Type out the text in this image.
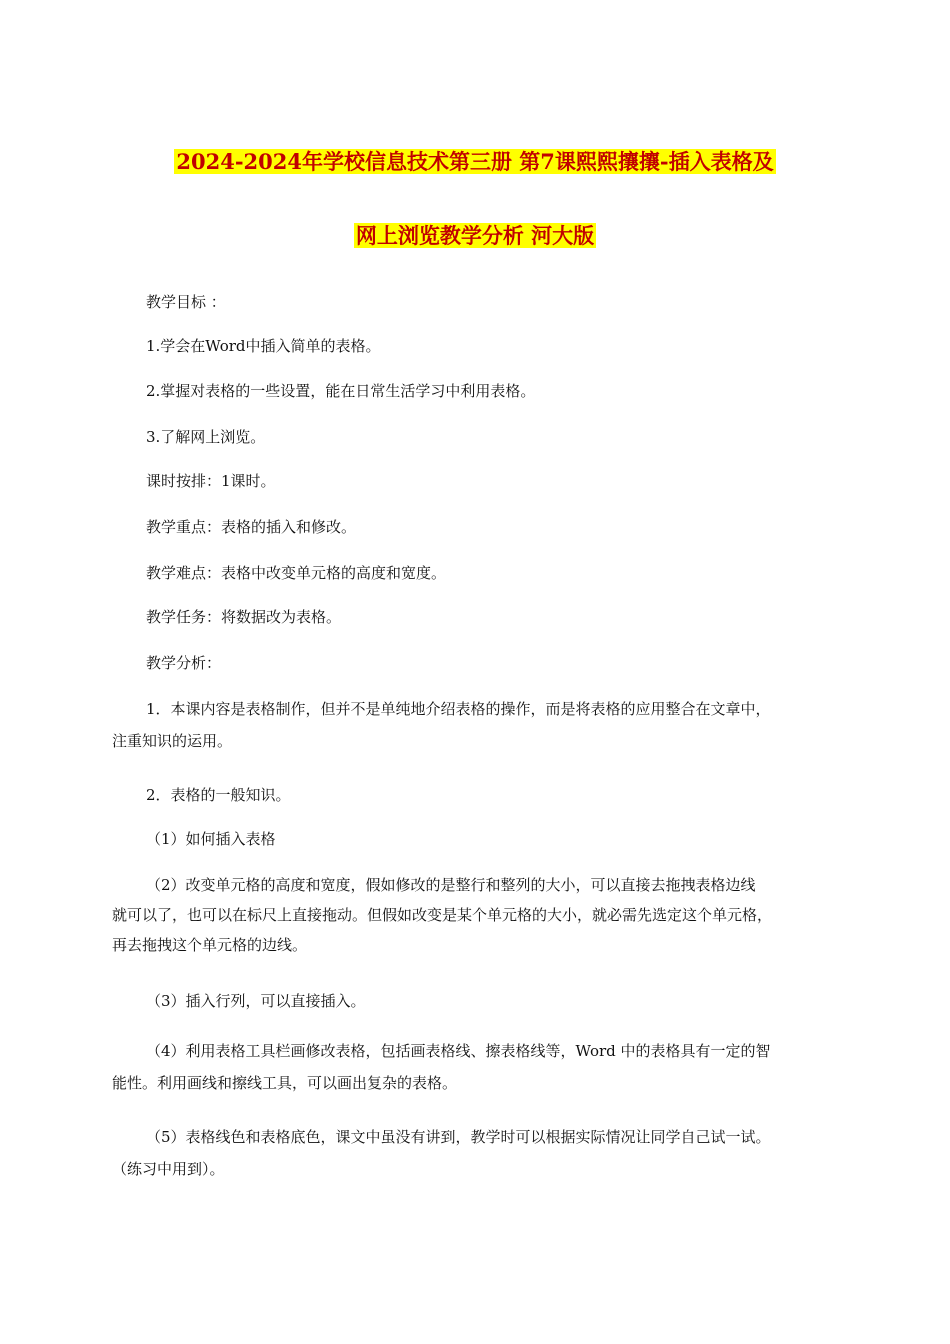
2024-2024年学校信息技术第三册 第7课熙熙攘攘-插入表格及
网上浏览教学分析 河大版
教学目标 ：
1.学会在Word中插入简单的表格。
2.掌握对表格的一些设置，能在日常生活学习中利用表格。
3.了解网上浏览。
课时按排：1课时。
教学重点：表格的插入和修改。
教学难点：表格中改变单元格的高度和宽度。
教学任务：将数据改为表格。
教学分析：
1．本课内容是表格制作，但并不是单纯地介绍表格的操作，而是将表格的应用整合在文章中，
注重知识的运用。
2．表格的一般知识。
（1）如何插入表格
（2）改变单元格的高度和宽度，假如修改的是整行和整列的大小，可以直接去拖拽表格边线
就可以了，也可以在标尺上直接拖动。但假如改变是某个单元格的大小，就必需先选定这个单元格，
再去拖拽这个单元格的边线。
（3）插入行列，可以直接插入。
（4）利用表格工具栏画修改表格，包括画表格线、擦表格线等，Word 中的表格具有一定的智
能性。利用画线和擦线工具，可以画出复杂的表格。
（5）表格线色和表格底色，课文中虽没有讲到，教学时可以根据实际情况让同学自己试一试。
（练习中用到）。
